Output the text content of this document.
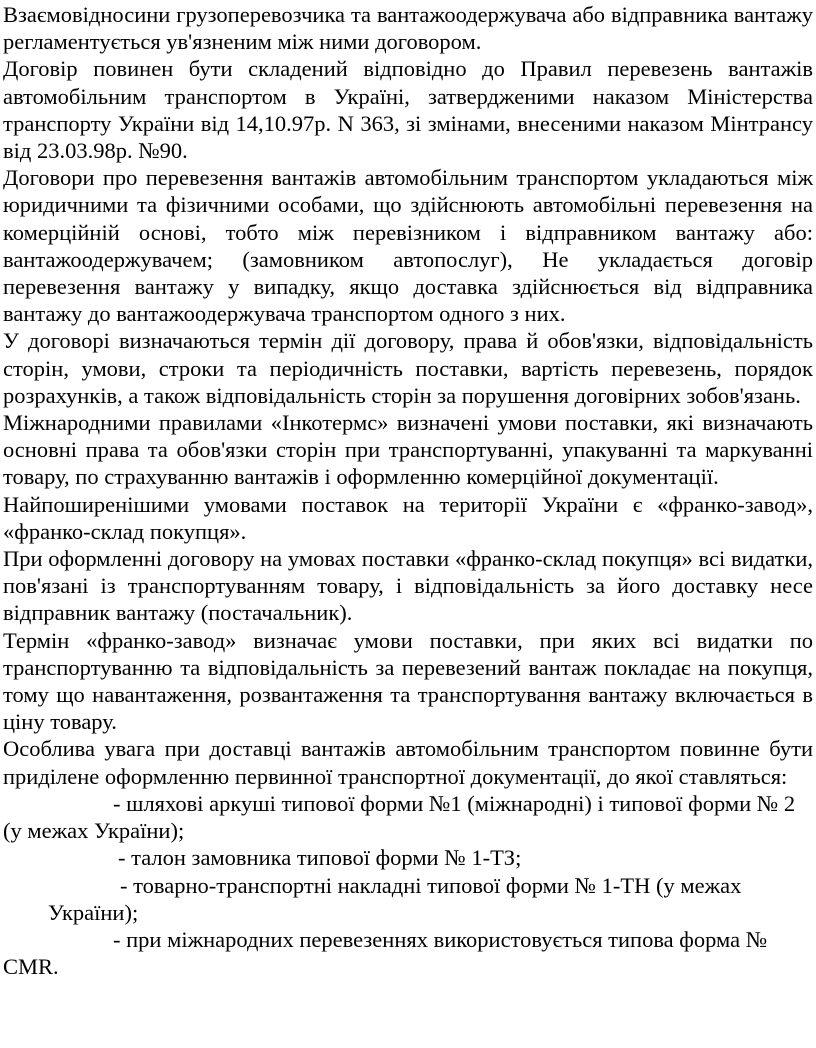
Взаємовідносини грузоперевозчика та вантажоодержувача або відправника вантажу регламентується ув'язненим між ними договором.

Договір повинен бути складений відповідно до Правил перевезень вантажів автомобільним транспортом в Україні, затвердженими наказом Міністерства транспорту України від 14,10.97р. N 363, зі змінами, внесеними наказом Мінтрансу від 23.03.98р. №90.

Договори про перевезення вантажів автомобільним транспортом укладаються між юридичними та фізичними особами, що здійснюють автомобільні перевезення на комерційній основі, тобто між перевізником і відправником вантажу або: вантажоодержувачем; (замовником автопослуг), Не укладається договір перевезення вантажу у випадку, якщо доставка здійснюється від відправника вантажу до вантажоодержувача транспортом одного з них.

У договорі визначаються термін дії договору, права й обов'язки, відповідальність сторін, умови, строки та періодичність поставки, вартість перевезень, порядок розрахунків, а також відповідальність сторін за порушення договірних зобов'язань.

Міжнародними правилами «Інкотермс» визначені умови поставки, які визначають основні права та обов'язки сторін при транспортуванні, упакуванні та маркуванні товару, по страхуванню вантажів і оформленню комерційної документації.

Найпоширенішими умовами поставок на території України є «франко-завод», «франко-склад покупця».

При оформленні договору на умовах поставки «франко-склад покупця» всі видатки, пов'язані із транспортуванням товару, і відповідальність за його доставку несе відправник вантажу (постачальник).

Термін «франко-завод» визначає умови поставки, при яких всі видатки по транспортуванню та відповідальність за перевезений вантаж покладає на покупця, тому що навантаження, розвантаження та транспортування вантажу включається в ціну товару.

Особлива увага при доставці вантажів автомобільним транспортом повинне бути приділене оформленню первинної транспортної документації, до якої ставляться:

- шляхові аркуші типової форми №1 (міжнародні) і типової форми № 2 (у межах України);

- талон замовника типової форми № 1-ТЗ;

- товарно-транспортні накладні типової форми № 1-ТН (у межах України);

- при міжнародних перевезеннях використовується типова форма № CMR.
